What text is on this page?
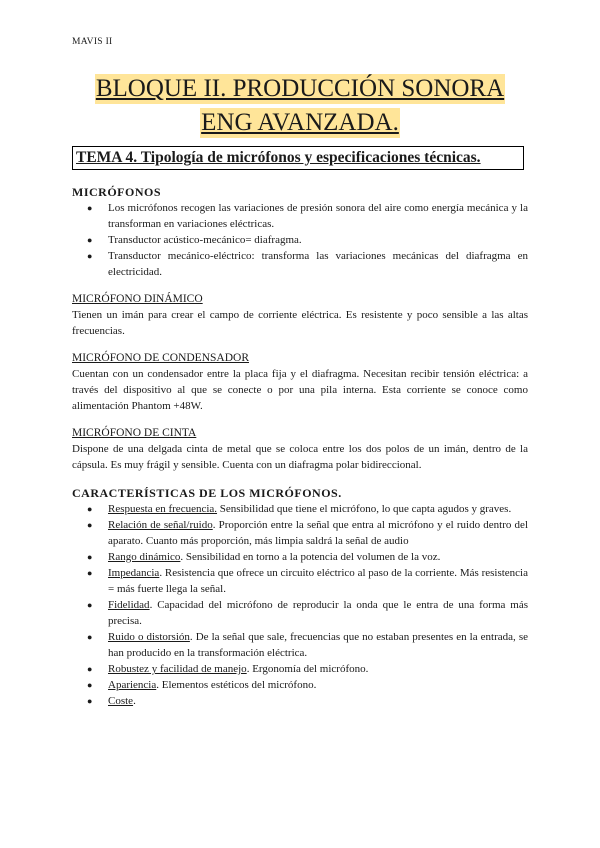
MAVIS II
BLOQUE II. PRODUCCIÓN SONORA
ENG AVANZADA.
TEMA 4. Tipología de micrófonos y especificaciones técnicas.
MICRÓFONOS
● Los micrófonos recogen las variaciones de presión sonora del aire como energía mecánica y la transforman en variaciones eléctricas.
● Transductor acústico-mecánico= diafragma.
● Transductor mecánico-eléctrico: transforma las variaciones mecánicas del diafragma en electricidad.
MICRÓFONO DINÁMICO

Tienen un imán para crear el campo de corriente eléctrica. Es resistente y poco sensible a las altas frecuencias.

MICRÓFONO DE CONDENSADOR

Cuentan con un condensador entre la placa fija y el diafragma. Necesitan recibir tensión eléctrica: a través del dispositivo al que se conecte o por una pila interna. Esta corriente se conoce como alimentación Phantom +48W.

MICRÓFONO DE CINTA

Dispone de una delgada cinta de metal que se coloca entre los dos polos de un imán, dentro de la cápsula. Es muy frágil y sensible. Cuenta con un diafragma polar bidireccional.

CARACTERÍSTICAS DE LOS MICRÓFONOS.
● Respuesta en frecuencia. Sensibilidad que tiene el micrófono, lo que capta agudos y graves.
● Relación de señal/ruido. Proporción entre la señal que entra al micrófono y el ruido dentro del aparato. Cuanto más proporción, más limpia saldrá la señal de audio
● Rango dinámico. Sensibilidad en torno a la potencia del volumen de la voz.
● Impedancia. Resistencia que ofrece un circuito eléctrico al paso de la corriente. Más resistencia = más fuerte llega la señal.
● Fidelidad. Capacidad del micrófono de reproducir la onda que le entra de una forma más precisa.
● Ruido o distorsión. De la señal que sale, frecuencias que no estaban presentes en la entrada, se han producido en la transformación eléctrica.
● Robustez y facilidad de manejo. Ergonomía del micrófono.
● Apariencia. Elementos estéticos del micrófono.
● Coste.
